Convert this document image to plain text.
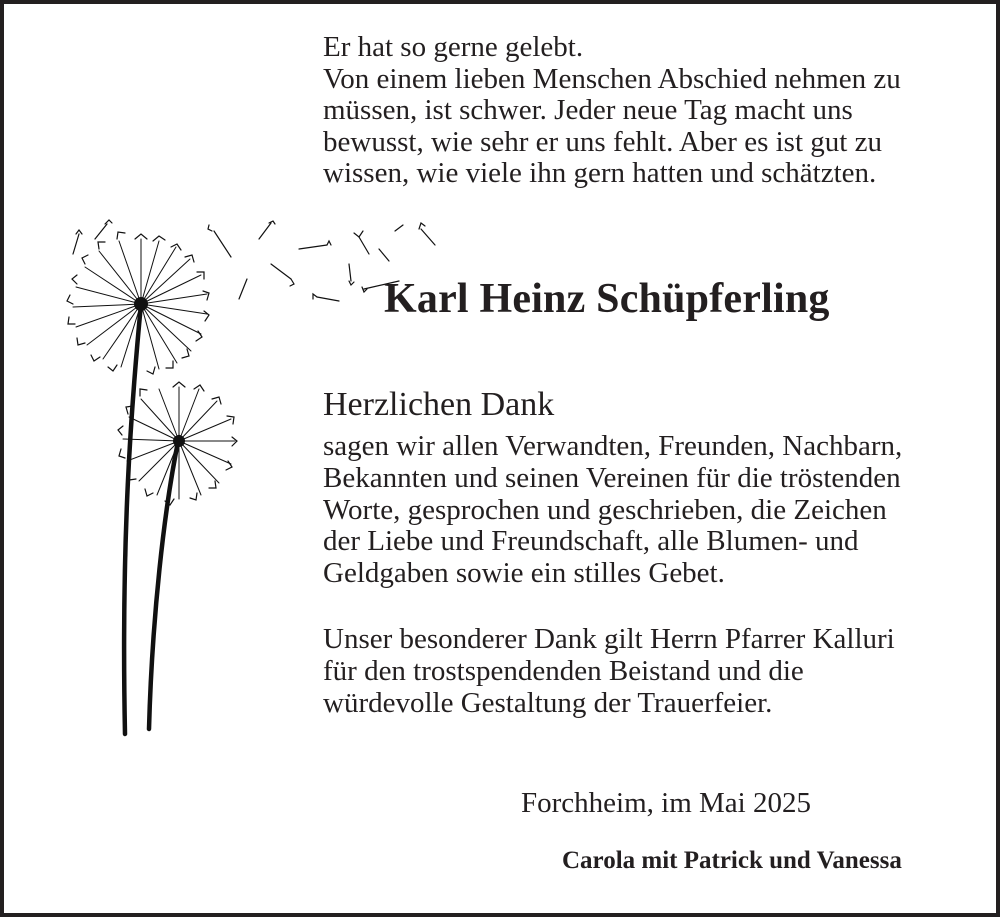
Er hat so gerne gelebt.
Von einem lieben Menschen Abschied nehmen zu
müssen, ist schwer. Jeder neue Tag macht uns
bewusst, wie sehr er uns fehlt. Aber es ist gut zu
wissen, wie viele ihn gern hatten und schätzten.
Karl Heinz Schüpferling
Herzlichen Dank
sagen wir allen Verwandten, Freunden, Nachbarn,
Bekannten und seinen Vereinen für die tröstenden
Worte, gesprochen und geschrieben, die Zeichen
der Liebe und Freundschaft, alle Blumen- und
Geldgaben sowie ein stilles Gebet.
Unser besonderer Dank gilt Herrn Pfarrer Kalluri
für den trostspendenden Beistand und die
würdevolle Gestaltung der Trauerfeier.

Forchheim, im Mai 2025

Carola mit Patrick und Vanessa
